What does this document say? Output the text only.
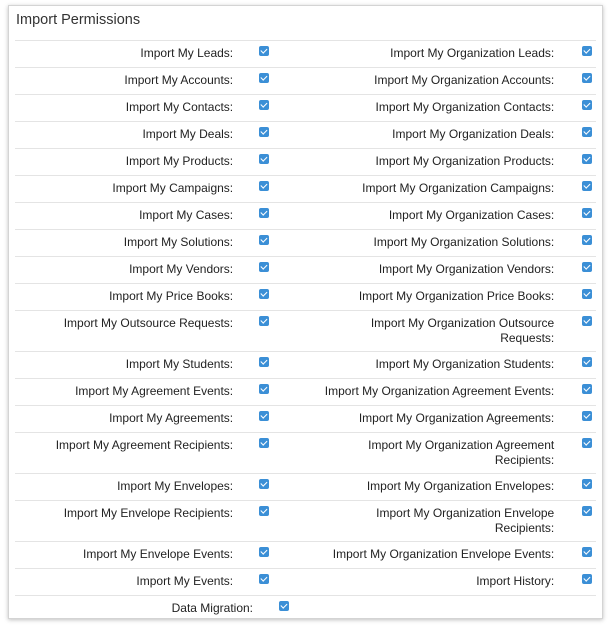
Import Permissions
Import My Leads:	Import My Organization Leads:
Import My Accounts:	Import My Organization Accounts:
Import My Contacts:	Import My Organization Contacts:
Import My Deals:	Import My Organization Deals:
Import My Products:	Import My Organization Products:
Import My Campaigns:	Import My Organization Campaigns:
Import My Cases:	Import My Organization Cases:
Import My Solutions:	Import My Organization Solutions:
Import My Vendors:	Import My Organization Vendors:
Import My Price Books:	Import My Organization Price Books:
Import My Outsource Requests:	Import My Organization Outsource
Requests:
Import My Students:	Import My Organization Students:
Import My Agreement Events:	Import My Organization Agreement Events:
Import My Agreements:	Import My Organization Agreements:
Import My Agreement Recipients:	Import My Organization Agreement
Recipients:
Import My Envelopes:	Import My Organization Envelopes:
Import My Envelope Recipients:	Import My Organization Envelope
Recipients:
Import My Envelope Events:	Import My Organization Envelope Events:
Import My Events:	Import History:
Data Migration:
